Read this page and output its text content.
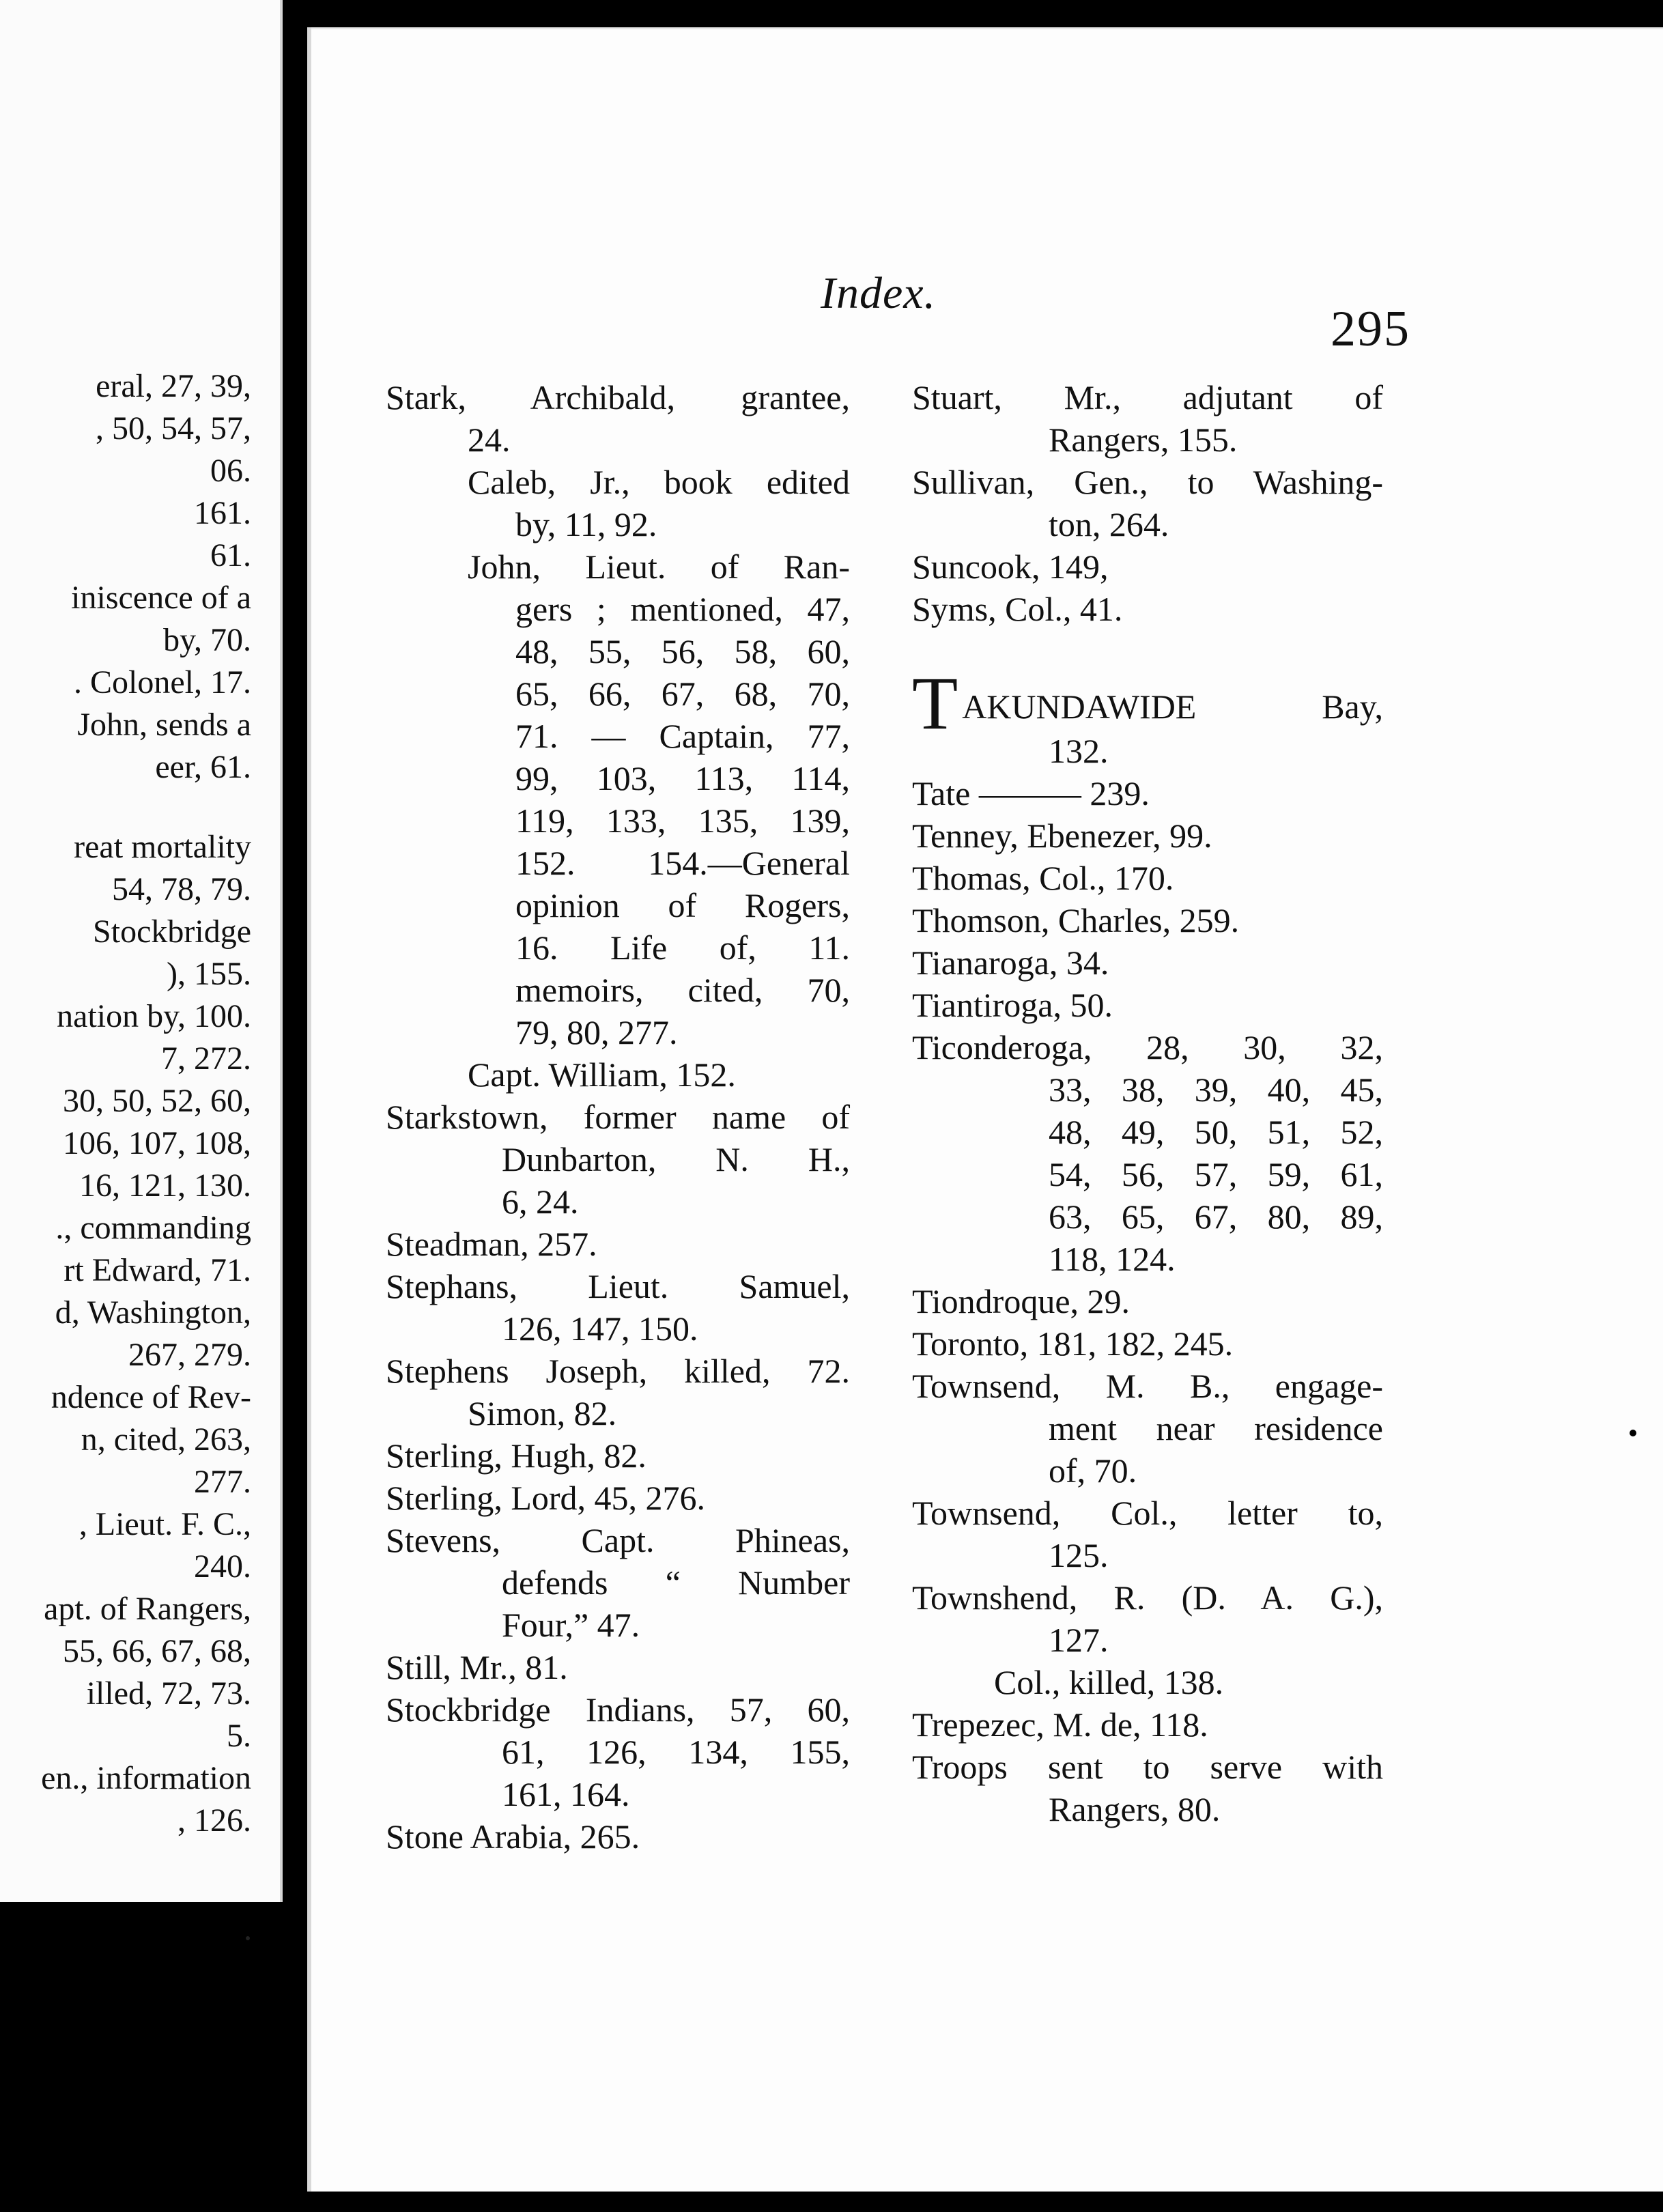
eral, 27, 39,
, 50, 54, 57,
06.
161.
61.
iniscence of a
by, 70.
. Colonel, 17.
John, sends a
eer, 61.
reat mortality
54, 78, 79.
Stockbridge
), 155.
nation by, 100.
7, 272.
30, 50, 52, 60,
106, 107, 108,
16, 121, 130.
., commanding
rt Edward, 71.
d, Washington,
267, 279.
ndence of Rev-
n, cited, 263,
277.
, Lieut. F. C.,
240.
apt. of Rangers,
55, 66, 67, 68,
illed, 72, 73.
5.
en., information
, 126.
Index.
295
Stark, Archibald, grantee,
24.
Caleb, Jr., book edited
by, 11, 92.
John, Lieut. of Ran-
gers ; mentioned, 47,
48, 55, 56, 58, 60,
65, 66, 67, 68, 70,
71. — Captain, 77,
99, 103, 113, 114,
119, 133, 135, 139,
152. 154.—General
opinion of Rogers,
16. Life of, 11.
memoirs, cited, 70,
79, 80, 277.
Capt. William, 152.
Starkstown, former name of
Dunbarton, N. H.,
6, 24.
Steadman, 257.
Stephans, Lieut. Samuel,
126, 147, 150.
Stephens Joseph, killed, 72.
Simon, 82.
Sterling, Hugh, 82.
Sterling, Lord, 45, 276.
Stevens, Capt. Phineas,
defends “ Number
Four,” 47.
Still, Mr., 81.
Stockbridge Indians, 57, 60,
61, 126, 134, 155,
161, 164.
Stone Arabia, 265.
Stuart, Mr., adjutant of
Rangers, 155.
Sullivan, Gen., to Washing-
ton, 264.
Suncook, 149,
Syms, Col., 41.
TAKUNDAWIDE Bay,
132.
Tate ——— 239.
Tenney, Ebenezer, 99.
Thomas, Col., 170.
Thomson, Charles, 259.
Tianaroga, 34.
Tiantiroga, 50.
Ticonderoga, 28, 30, 32,
33, 38, 39, 40, 45,
48, 49, 50, 51, 52,
54, 56, 57, 59, 61,
63, 65, 67, 80, 89,
118, 124.
Tiondroque, 29.
Toronto, 181, 182, 245.
Townsend, M. B., engage-
ment near residence
of, 70.
Townsend, Col., letter to,
125.
Townshend, R. (D. A. G.),
127.
Col., killed, 138.
Trepezec, M. de, 118.
Troops sent to serve with
Rangers, 80.
